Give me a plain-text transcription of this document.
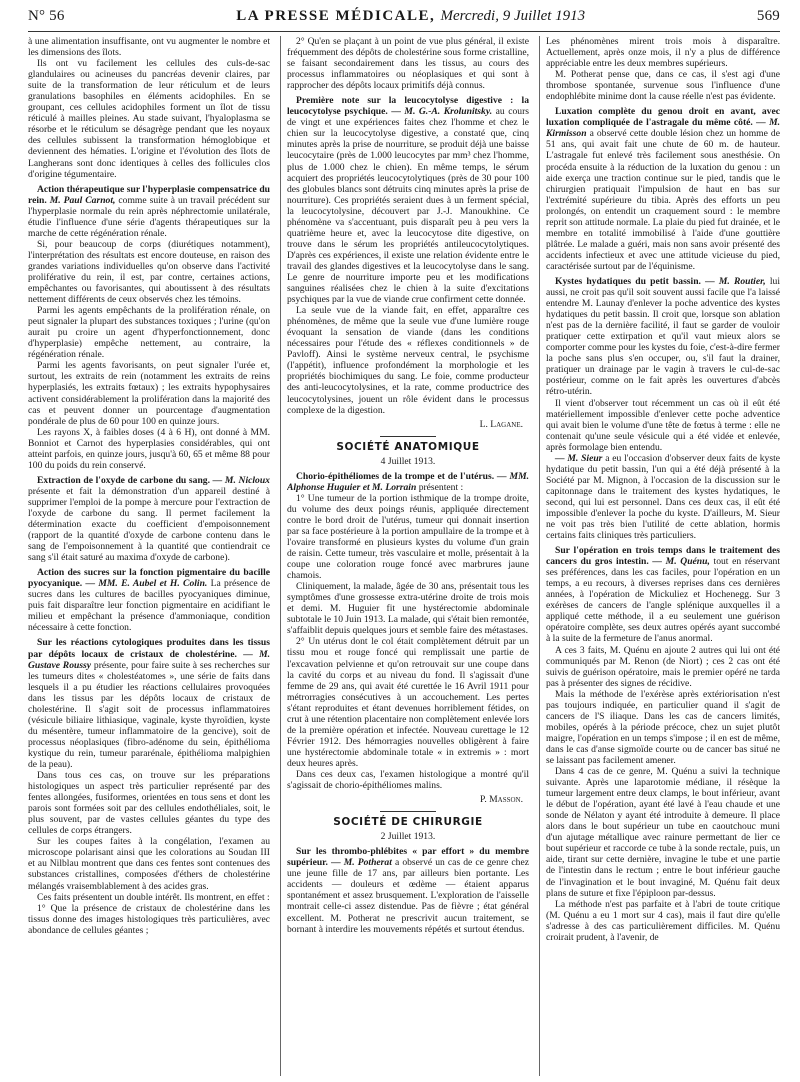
N° 56	LA PRESSE MÉDICALE, Mercredi, 9 Juillet 1913	569

à une alimentation insuffisante, ont vu augmenter le nombre et les dimensions des îlots.

Ils ont vu facilement les cellules des culs-de-sac glandulaires ou acineuses du pancréas devenir claires, par suite de la transformation de leur réticulum et de leurs granulations basophiles en éléments acidophiles. En se groupant, ces cellules acidophiles forment un îlot de tissu réticulé à mailles pleines. Au stade suivant, l'hyaloplasma se résorbe et le réticulum se désagrège pendant que les noyaux des cellules subissent la transformation hémoglobique et deviennent des hématies. L'origine et l'évolution des îlots de Langherans sont donc identiques à celles des follicules clos d'origine tégumentaire.

Action thérapeutique sur l'hyperplasie compensatrice du rein. M. Paul Carnot, comme suite à un travail précédent sur l'hyperplasie normale du rein après néphrectomie unilatérale, étudie l'influence d'une série d'agents thérapeutiques sur la marche de cette régénération rénale.

Si, pour beaucoup de corps (diurétiques notamment), l'interprétation des résultats est encore douteuse, en raison des grandes variations individuelles qu'on observe dans l'activité proliférative du rein, il est, par contre, certaines actions, empêchantes ou favorisantes, qui aboutissent à des résultats nettement différents de ceux observés chez les témoins.

Parmi les agents empêchants de la prolifération rénale, on peut signaler la plupart des substances toxiques ; l'urine (qu'on aurait pu croire un agent d'hyperfonctionnement, donc d'hyperplasie) empêche nettement, au contraire, la régénération rénale.

Parmi les agents favorisants, on peut signaler l'urée et, surtout, les extraits de rein (notamment les extraits de reins hyperplasiés, les extraits fœtaux) ; les extraits hypophysaires activent considérablement la prolifération dans la majorité des cas et peuvent donner un pourcentage d'augmentation pondérale de plus de 60 pour 100 en quinze jours.

Les rayons X, à faibles doses (4 à 6 H), ont donné à MM. Bonniot et Carnot des hyperplasies considérables, qui ont atteint parfois, en quinze jours, jusqu'à 60, 65 et même 88 pour 100 du poids du rein conservé.

Extraction de l'oxyde de carbone du sang. — M. Nicloux présente et fait la démonstration d'un appareil destiné à supprimer l'emploi de la pompe à mercure pour l'extraction de l'oxyde de carbone du sang. Il permet facilement la détermination exacte du coefficient d'empoisonnement (rapport de la quantité d'oxyde de carbone contenu dans le sang de l'empoisonnement à la quantité que contiendrait ce sang s'il était saturé au maxima d'oxyde de carbone).

Action des sucres sur la fonction pigmentaire du bacille pyocyanique. — MM. E. Aubel et H. Colin. La présence de sucres dans les cultures de bacilles pyocyaniques diminue, puis fait disparaître leur fonction pigmentaire en acidifiant le milieu et empêchant la présence d'ammoniaque, condition nécessaire à cette fonction.

Sur les réactions cytologiques produites dans les tissus par dépôts locaux de cristaux de cholestérine. — M. Gustave Roussy présente, pour faire suite à ses recherches sur les tumeurs dites « cholestéatomes », une série de faits dans lesquels il a pu étudier les réactions cellulaires provoquées dans les tissus par les dépôts locaux de cristaux de cholestérine. Il s'agit soit de processus inflammatoires (vésicule biliaire lithiasique, vaginale, kyste thyroïdien, kyste du mésentère, tumeur inflammatoire de la gencive), soit de processus néoplasiques (fibro-adénome du sein, épithélioma kystique du rein, tumeur pararénale, épithélioma malpighien de la peau).

Dans tous ces cas, on trouve sur les préparations histologiques un aspect très particulier représenté par des fentes allongées, fusiformes, orientées en tous sens et dont les parois sont formées soit par des cellules endothéliales, soit, le plus souvent, par de vastes cellules géantes du type des cellules de corps étrangers.

Sur les coupes faites à la congélation, l'examen au microscope polarisant ainsi que les colorations au Soudan III et au Nilblau montrent que dans ces fentes sont contenues des substances cristallines, composées d'éthers de cholestérine mélangés vraisemblablement à des acides gras.

Ces faits présentent un double intérêt. Ils montrent, en effet :

1° Que la présence de cristaux de cholestérine dans les tissus donne des images histologiques très particulières, avec abondance de cellules géantes ;

2° Qu'en se plaçant à un point de vue plus général, il existe fréquemment des dépôts de cholestérine sous forme cristalline, se faisant secondairement dans les tissus, au cours des processus inflammatoires ou néoplasiques et qui sont à rapprocher des dépôts locaux primitifs déjà connus.

Première note sur la leucocytolyse digestive : la leucocytolyse psychique. — M. G.-A. Krolunitsky. au cours de vingt et une expériences faites chez l'homme et chez le chien sur la leucocytolyse digestive, a constaté que, cinq minutes après la prise de nourriture, se produit déjà une baisse leucocytaire (près de 1.000 leucocytes par mm³ chez l'homme, plus de 1.000 chez le chien). En même temps, le sérum acquiert des propriétés leucocytolytiques (près de 30 pour 100 des globules blancs sont détruits cinq minutes après la prise de nourriture). Ces propriétés seraient dues à un ferment spécial, la leucocytolysine, découvert par J.-J. Manoukhine. Ce phénomène va s'accentuant, puis disparaît peu à peu vers la quatrième heure et, avec la leucocytose dite digestive, on trouve dans le sérum les propriétés antileucocytolytiques. D'après ces expériences, il existe une relation évidente entre le travail des glandes digestives et la leucocytolyse dans le sang. Le genre de nourriture importe peu et les modifications sanguines réalisées chez le chien à la suite d'excitations psychiques par la vue de viande crue confirment cette donnée.

La seule vue de la viande fait, en effet, apparaître ces phénomènes, de même que la seule vue d'une lumière rouge évoquant la sensation de viande (dans les conditions nécessaires pour l'étude des « réflexes conditionnels » de Pavloff). Ainsi le système nerveux central, le psychisme (l'appétit), influence profondément la morphologie et les propriétés biochimiques du sang. Le foie, comme producteur des anti-leucocytolysines, et la rate, comme productrice des leucocytolysines, jouent un rôle évident dans le processus complexe de la digestion.

L. Lagane.

SOCIÉTÉ ANATOMIQUE
4 Juillet 1913.

Chorio-épithéliomes de la trompe et de l'utérus. — MM. Alphonse Huguier et M. Lorrain présentent :

1° Une tumeur de la portion isthmique de la trompe droite, du volume des deux poings réunis, appliquée directement contre le bord droit de l'utérus, tumeur qui donnait insertion par sa face postérieure à la portion ampullaire de la trompe et à l'ovaire transformé en plusieurs kystes du volume d'un grain de raisin. Cette tumeur, très vasculaire et molle, présentait à la coupe une coloration rouge foncé avec marbrures jaune chamois.

Cliniquement, la malade, âgée de 30 ans, présentait tous les symptômes d'une grossesse extra-utérine droite de trois mois et demi. M. Huguier fit une hystérectomie abdominale subtotale le 10 Juin 1913. La malade, qui s'était bien remontée, s'affaiblit depuis quelques jours et semble faire des métastases.

2° Un utérus dont le col était complètement détruit par un tissu mou et rouge foncé qui remplissait une partie de l'excavation pelvienne et qu'on retrouvait sur une coupe dans la cavité du corps et au niveau du fond. Il s'agissait d'une femme de 29 ans, qui avait été curettée le 16 Avril 1911 pour métrorragies consécutives à un accouchement. Les pertes s'étant reproduites et étant devenues horriblement fétides, on crut à une rétention placentaire non complètement enlevée lors de la première opération et infectée. Nouveau curettage le 12 Février 1912. Des hémorragies nouvelles obligèrent à faire une hystérectomie abdominale totale « in extremis » : mort deux heures après.

Dans ces deux cas, l'examen histologique a montré qu'il s'agissait de chorio-épithéliomes malins.

P. Masson.

SOCIÉTÉ DE CHIRURGIE
2 Juillet 1913.

Sur les thrombo-phlébites « par effort » du membre supérieur. — M. Potherat a observé un cas de ce genre chez une jeune fille de 17 ans, par ailleurs bien portante. Les accidents — douleurs et œdème — étaient apparus spontanément et assez brusquement. L'exploration de l'aisselle montrait celle-ci assez distendue. Pas de fièvre ; état général excellent. M. Potherat ne prescrivit aucun traitement, se bornant à interdire les mouvements répétés et surtout étendus.

Les phénomènes mirent trois mois à disparaître. Actuellement, après onze mois, il n'y a plus de différence appréciable entre les deux membres supérieurs.

M. Potherat pense que, dans ce cas, il s'est agi d'une thrombose spontanée, survenue sous l'influence d'une endophlébite minime dont la cause réelle n'est pas évidente.

Luxation complète du genou droit en avant, avec luxation compliquée de l'astragale du même côté. — M. Kirmisson a observé cette double lésion chez un homme de 51 ans, qui avait fait une chute de 60 m. de hauteur. L'astragale fut enlevé très facilement sous anesthésie. On procéda ensuite à la réduction de la luxation du genou : un aide exerça une traction continue sur le pied, tandis que le chirurgien pratiquait l'impulsion de haut en bas sur l'extrémité supérieure du tibia. Après des efforts un peu prolongés, on entendit un craquement sourd : le membre reprit son attitude normale. La plaie du pied fut drainée, et le membre en totalité immobilisé à l'aide d'une gouttière plâtrée. Le malade a guéri, mais non sans avoir présenté des accidents infectieux et avec une attitude vicieuse du pied, caractérisée surtout par de l'équinisme.

Kystes hydatiques du petit bassin. — M. Routier, lui aussi, ne croit pas qu'il soit souvent aussi facile que l'a laissé entendre M. Launay d'enlever la poche adventice des kystes hydatiques du petit bassin. Il croit que, lorsque son ablation n'est pas de la dernière facilité, il faut se garder de vouloir pratiquer cette extirpation et qu'il vaut mieux alors se comporter comme pour les kystes du foie, c'est-à-dire fermer la poche sans plus s'en occuper, ou, s'il faut la drainer, pratiquer un drainage par le vagin à travers le cul-de-sac postérieur, comme on le fait après les ouvertures d'abcès rétro-utérin.

Il vient d'observer tout récemment un cas où il eût été matériellement impossible d'enlever cette poche adventice qui avait bien le volume d'une tête de fœtus à terme : elle ne contenait qu'une seule vésicule qui a été vidée et enlevée, après formolage bien entendu.

— M. Sieur a eu l'occasion d'observer deux faits de kyste hydatique du petit bassin, l'un qui a été déjà présenté à la Société par M. Mignon, à l'occasion de la discussion sur le capitonnage dans le traitement des kystes hydatiques, le second, qui lui est personnel. Dans ces deux cas, il eût été impossible d'enlever la poche du kyste. D'ailleurs, M. Sieur ne voit pas très bien l'utilité de cette ablation, hormis certains faits cliniques très particuliers.

Sur l'opération en trois temps dans le traitement des cancers du gros intestin. — M. Quénu, tout en réservant ses préférences, dans les cas faciles, pour l'opération en un temps, a eu recours, à diverses reprises dans ces dernières années, à l'opération de Mickuliez et Hochenegg. Sur 3 exérèses de cancers de l'angle splénique auxquelles il a appliqué cette méthode, il a eu seulement une guérison opératoire complète, ses deux autres opérés ayant succombé à la suite de la fermeture de l'anus anormal.

A ces 3 faits, M. Quénu en ajoute 2 autres qui lui ont été communiqués par M. Renon (de Niort) ; ces 2 cas ont été suivis de guérison opératoire, mais le premier opéré ne tarda pas à présenter des signes de récidive.

Mais la méthode de l'exérèse après extériorisation n'est pas toujours indiquée, en particulier quand il s'agit de cancers de l'S iliaque. Dans les cas de cancers limités, mobiles, opérés à la période précoce, chez un sujet plutôt maigre, l'opération en un temps s'impose ; il en est de même, dans le cas d'anse sigmoïde courte ou de cancer bas situé ne se laissant pas facilement amener.

Dans 4 cas de ce genre, M. Quénu a suivi la technique suivante. Après une laparotomie médiane, il résèque la tumeur largement entre deux clamps, le bout inférieur, avant le début de l'opération, ayant été lavé à l'eau chaude et une sonde de Nélaton y ayant été introduite à demeure. Il place alors dans le bout supérieur un tube en caoutchouc muni d'un ajutage métallique avec rainure permettant de lier ce bout supérieur et raccorde ce tube à la sonde rectale, puis, un aide, tirant sur cette dernière, invagine le tube et une partie de l'intestin dans le rectum ; entre le bout inférieur gauche de l'invagination et le bout invaginé, M. Quénu fait deux plans de suture et fixe l'épiploon par-dessus.

La méthode n'est pas parfaite et à l'abri de toute critique (M. Quénu a eu 1 mort sur 4 cas), mais il faut dire qu'elle s'adresse à des cas particulièrement difficiles. M. Quénu croirait prudent, à l'avenir, de
